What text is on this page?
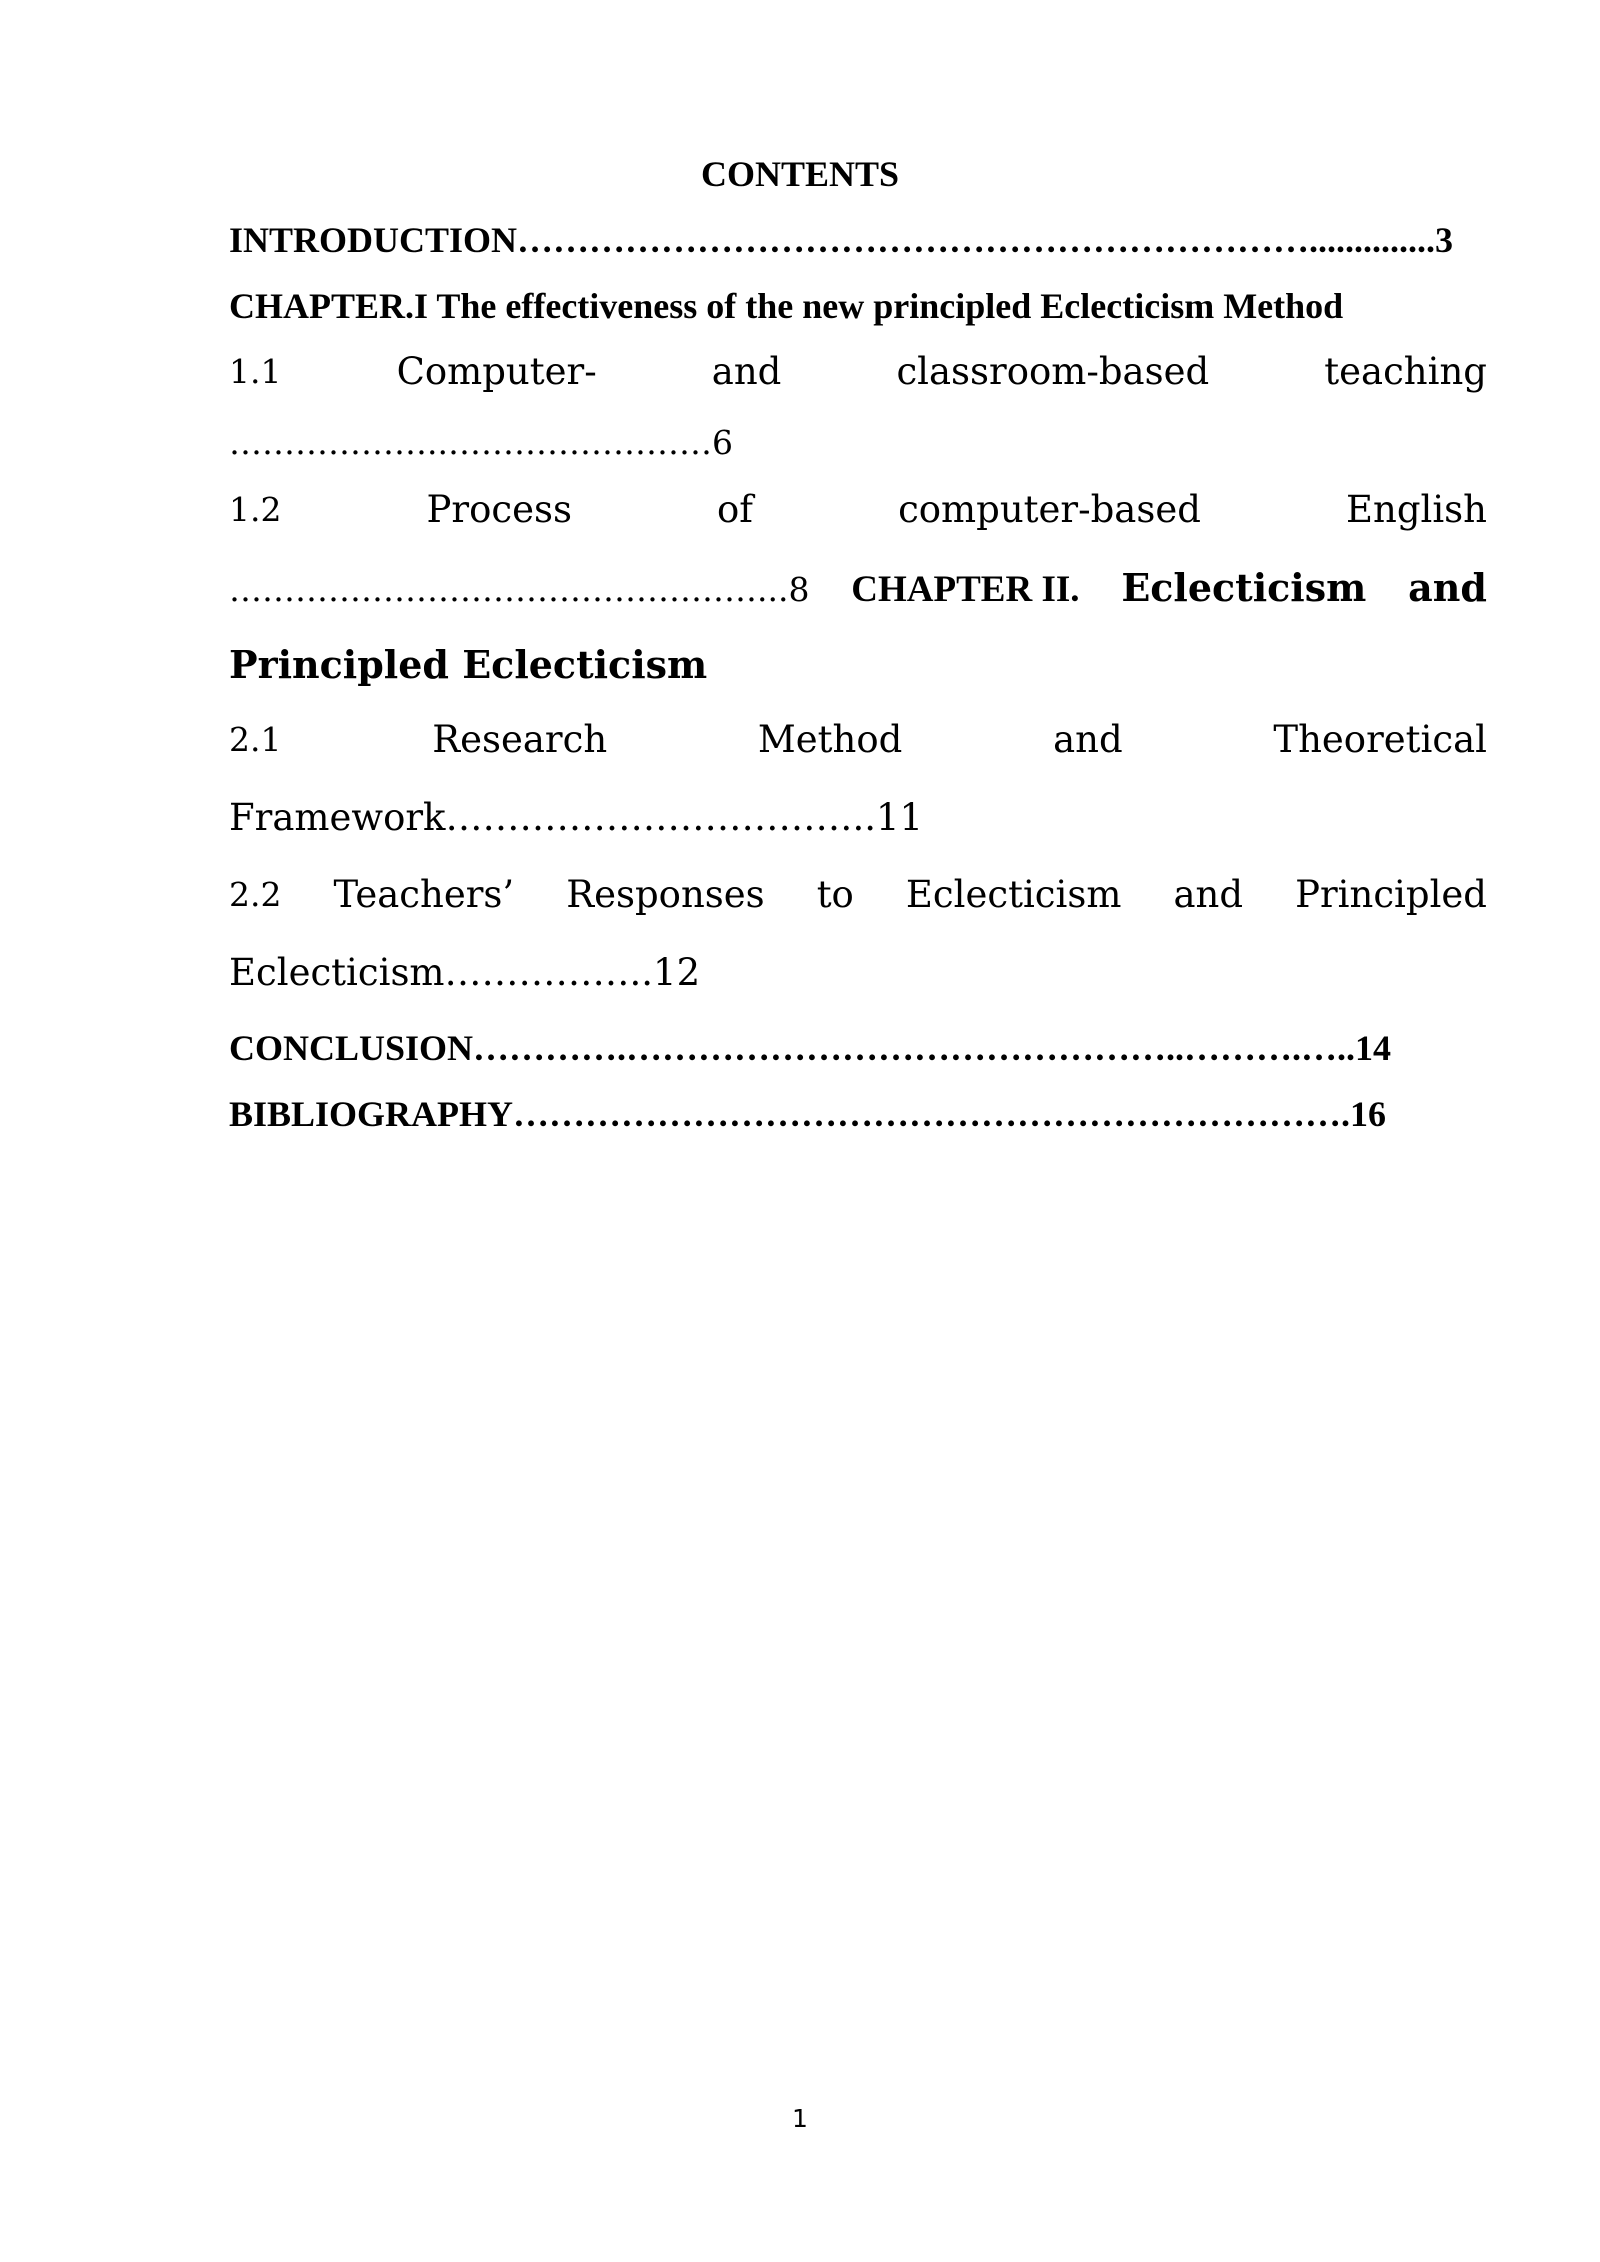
CONTENTS
INTRODUCTION…………………………………………………………..............3
CHAPTER.I The effectiveness of the new principled Eclecticism Method
1.1	Computer-	and	classroom-based	teaching
………………..……………………6
1.2	Process	of	computer-based	English
…………………………………………...8 CHAPTER II. Eclecticism and
Principled Eclecticism
2.1	Research	Method	and	Theoretical
Framework……………………………..11
2.2 Teachers’ Responses to Eclecticism and Principled
Eclecticism……………..12
CONCLUSION………….………………………………………..……….…..14
BIBLIOGRAPHY…………………………………………………………….16
1
